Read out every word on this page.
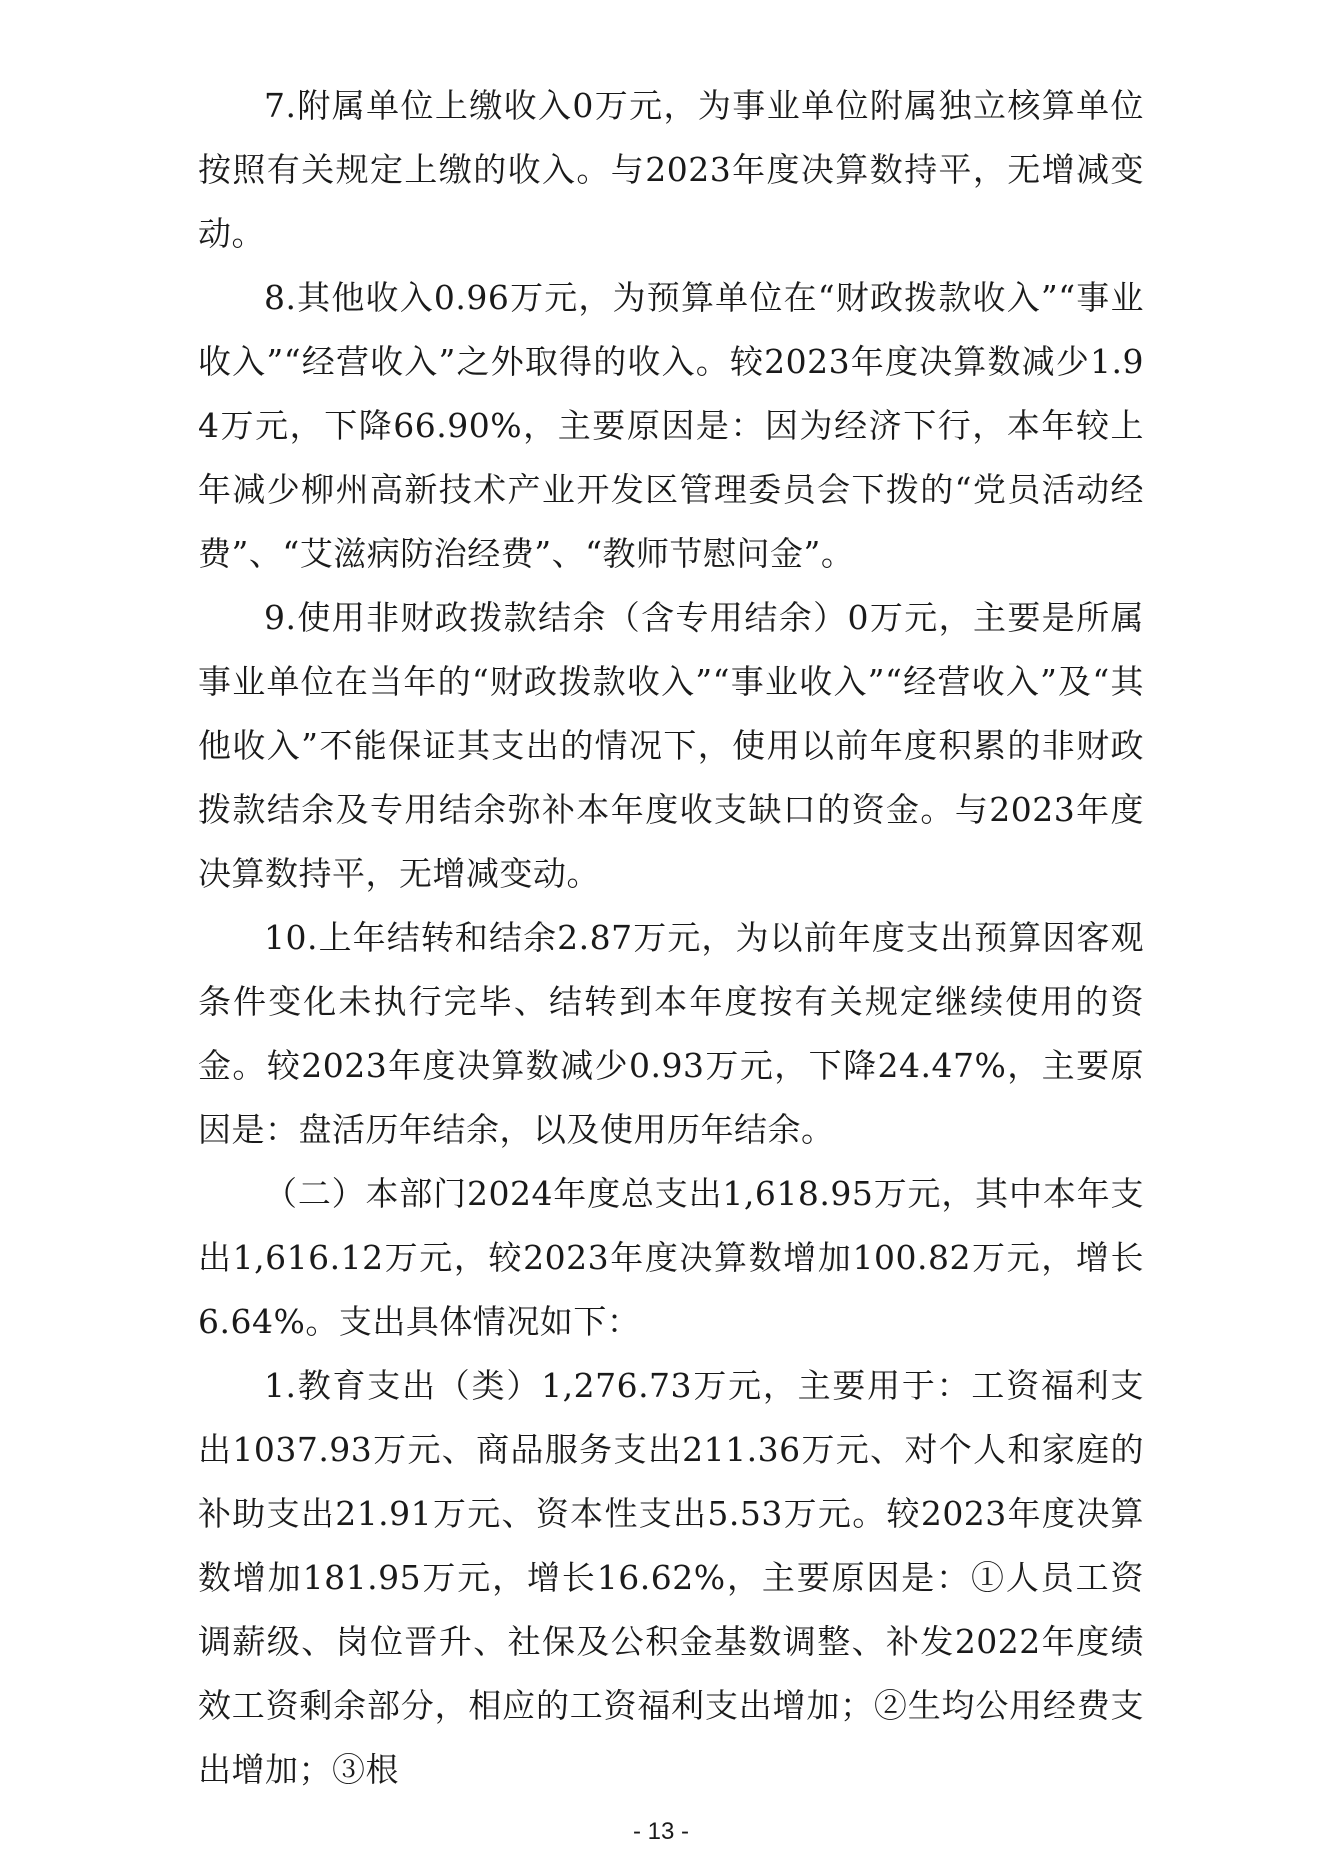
7.附属单位上缴收入0万元，为事业单位附属独立核算单位按照有关规定上缴的收入。与2023年度决算数持平，无增减变动。

8.其他收入0.96万元，为预算单位在“财政拨款收入”“事业收入”“经营收入”之外取得的收入。较2023年度决算数减少1.94万元，下降66.90%，主要原因是：因为经济下行，本年较上年减少柳州高新技术产业开发区管理委员会下拨的“党员活动经费”、“艾滋病防治经费”、“教师节慰问金”。

9.使用非财政拨款结余（含专用结余）0万元，主要是所属事业单位在当年的“财政拨款收入”“事业收入”“经营收入”及“其他收入”不能保证其支出的情况下，使用以前年度积累的非财政拨款结余及专用结余弥补本年度收支缺口的资金。与2023年度决算数持平，无增减变动。

10.上年结转和结余2.87万元，为以前年度支出预算因客观条件变化未执行完毕、结转到本年度按有关规定继续使用的资金。较2023年度决算数减少0.93万元，下降24.47%，主要原因是：盘活历年结余，以及使用历年结余。

（二）本部门2024年度总支出1,618.95万元，其中本年支出1,616.12万元，较2023年度决算数增加100.82万元，增长6.64%。支出具体情况如下：

1.教育支出（类）1,276.73万元，主要用于：工资福利支出1037.93万元、商品服务支出211.36万元、对个人和家庭的补助支出21.91万元、资本性支出5.53万元。较2023年度决算数增加181.95万元，增长16.62%，主要原因是：①人员工资调薪级、岗位晋升、社保及公积金基数调整、补发2022年度绩效工资剩余部分，相应的工资福利支出增加；②生均公用经费支出增加；③根

- 13 -
